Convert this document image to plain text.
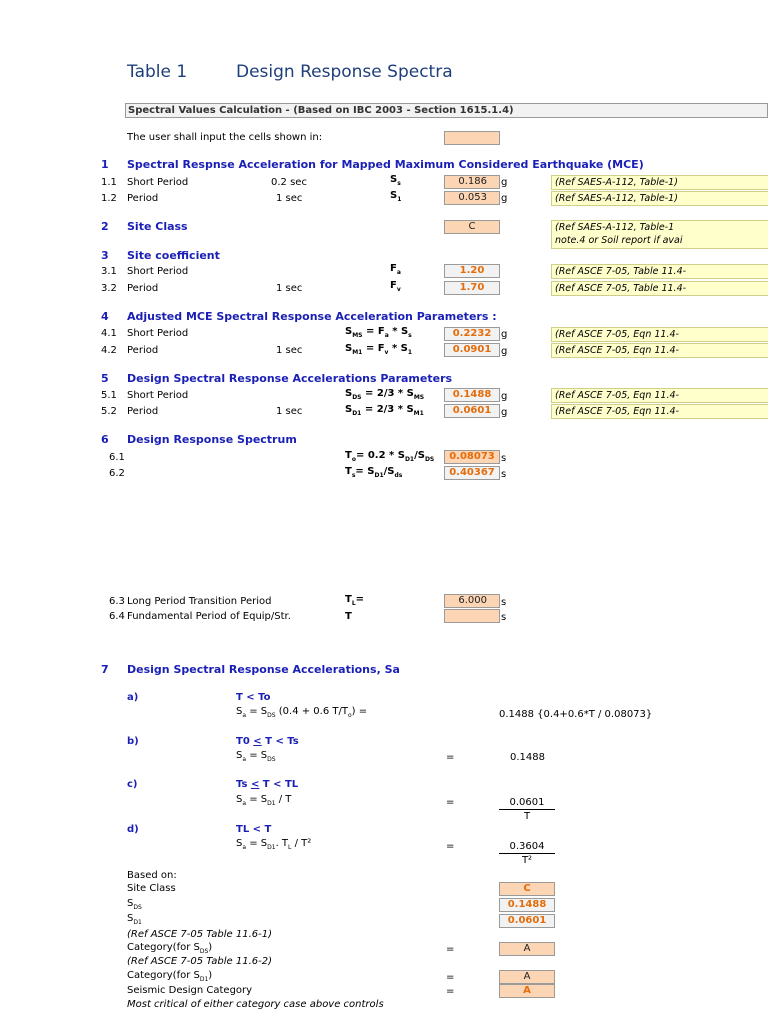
Table 1	Design Response Spectra
Spectral Values Calculation - (Based on IBC 2003 - Section 1615.1.4)
The user shall input the cells shown in:
1 Spectral Respnse Acceleration for Mapped Maximum Considered Earthquake (MCE)
1.1 Short Period	0.2 sec	$S_s$	0.186	g	(Ref SAES-A-112, Table-1)
1.2 Period	1 sec	$S_1$	0.053	g	(Ref SAES-A-112, Table-1)
2 Site Class	C	(Ref SAES-A-112, Table-1
note.4 or Soil report if avai
3 Site coefficient
3.1 Short Period	$F_a$	1.20	(Ref ASCE 7-05, Table 11.4-
3.2 Period	1 sec	$F_v$	1.70	(Ref ASCE 7-05, Table 11.4-
4 Adjusted MCE Spectral Response Acceleration Parameters :
4.1 Short Period	$S_{MS} = F_a * S_s$	0.2232 g	(Ref ASCE 7-05, Eqn 11.4-
4.2 Period	1 sec	$S_{M1} = F_v * S_1$	0.0901 g	(Ref ASCE 7-05, Eqn 11.4-
5 Design Spectral Response Accelerations Parameters
5.1 Short Period	$S_{DS} = 2/3 * S_{MS}$	0.1488 g	(Ref ASCE 7-05, Eqn 11.4-
5.2 Period	1 sec	$S_{D1} = 2/3 * S_{M1}$	0.0601 g	(Ref ASCE 7-05, Eqn 11.4-
6 Design Response Spectrum
6.1	$T_o= 0.2 * S_{D1}/S_{DS}$	0.08073 s
6.2	$T_s= S_{D1}/S_{ds}$	0.40367 s
6.3 Long Period Transition Period	$T_L=$	6.000	s
6.4 Fundamental Period of Equip/Str.	T	s
7 Design Spectral Response Accelerations, Sa
a)	T < To
$S_a = S_{DS}$ (0.4 + 0.6 $T/T_o$) =	0.1488 {0.4+0.6*T / 0.08073}
b)	T0 < T < Ts
$S_a = S_{DS}$	=	0.1488
c)	Ts < T < TL
$S_a = S_{D1} / T$	=	$\frac{0.0601}{T}$
d)	TL < T
$S_a = S_{D1}$. $T_L / T^2$	=	$\frac{0.3604}{\text{T²}}$
Based on:
Site Class	C
$S_{DS}$	0.1488
$S_{D1}$	0.0601
(Ref ASCE 7-05 Table 11.6-1)
Category(for $S_{DS}$)	=	A
(Ref ASCE 7-05 Table 11.6-2)
Category(for $S_{D1}$)	=	A
Seismic Design Category	=	A
Most critical of either category case above controls
